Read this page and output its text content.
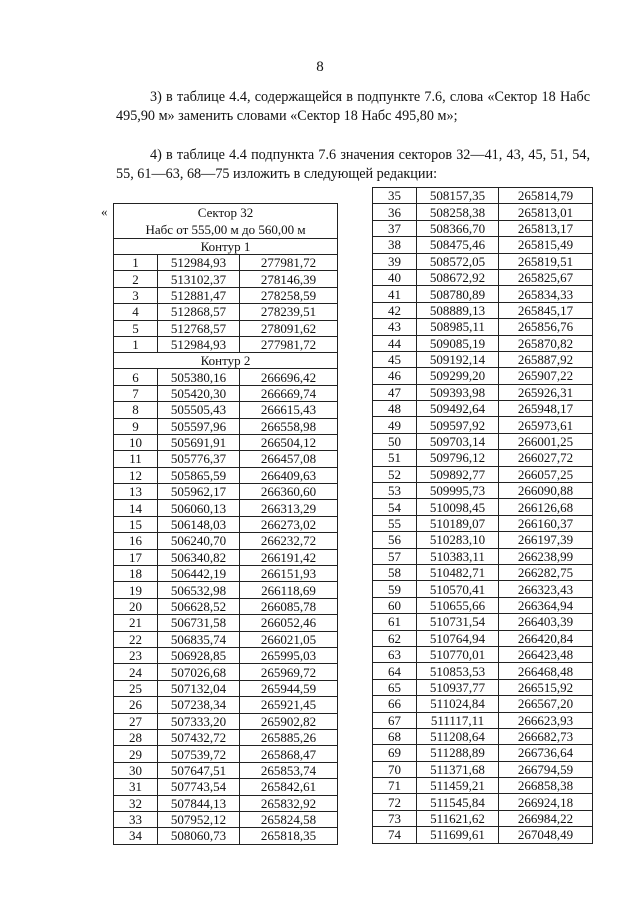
8

3) в таблице 4.4, содержащейся в подпункте 7.6, слова «Сектор 18 Набс 495,90 м» заменить словами «Сектор 18 Набс 495,80 м»;

4) в таблице 4.4 подпункта 7.6 значения секторов 32—41, 43, 45, 51, 54, 55, 61—63, 68—75 изложить в следующей редакции:

«	Сектор 32		
Набс от 555,00 м до 560,00 м		
Контур 1		
1	512984,93	277981,72
2	513102,37	278146,39
3	512881,47	278258,59
4	512868,57	278239,51
5	512768,57	278091,62
1	512984,93	277981,72
Контур 2		
6	505380,16	266696,42
7	505420,30	266669,74
8	505505,43	266615,43
9	505597,96	266558,98
10	505691,91	266504,12
11	505776,37	266457,08
12	505865,59	266409,63
13	505962,17	266360,60
14	506060,13	266313,29
15	506148,03	266273,02
16	506240,70	266232,72
17	506340,82	266191,42
18	506442,19	266151,93
19	506532,98	266118,69
20	506628,52	266085,78
21	506731,58	266052,46
22	506835,74	266021,05
23	506928,85	265995,03
24	507026,68	265969,72
25	507132,04	265944,59
26	507238,34	265921,45
27	507333,20	265902,82
28	507432,72	265885,26
29	507539,72	265868,47
30	507647,51	265853,74
31	507743,54	265842,61
32	507844,13	265832,92
33	507952,12	265824,58
34	508060,73	265818,35
35	508157,35	265814,79
36	508258,38	265813,01
37	508366,70	265813,17
38	508475,46	265815,49
39	508572,05	265819,51
40	508672,92	265825,67
41	508780,89	265834,33
42	508889,13	265845,17
43	508985,11	265856,76
44	509085,19	265870,82
45	509192,14	265887,92
46	509299,20	265907,22
47	509393,98	265926,31
48	509492,64	265948,17
49	509597,92	265973,61
50	509703,14	266001,25
51	509796,12	266027,72
52	509892,77	266057,25
53	509995,73	266090,88
54	510098,45	266126,68
55	510189,07	266160,37
56	510283,10	266197,39
57	510383,11	266238,99
58	510482,71	266282,75
59	510570,41	266323,43
60	510655,66	266364,94
61	510731,54	266403,39
62	510764,94	266420,84
63	510770,01	266423,48
64	510853,53	266468,48
65	510937,77	266515,92
66	511024,84	266567,20
67	511117,11	266623,93
68	511208,64	266682,73
69	511288,89	266736,64
70	511371,68	266794,59
71	511459,21	266858,38
72	511545,84	266924,18
73	511621,62	266984,22
74	511699,61	267048,49
